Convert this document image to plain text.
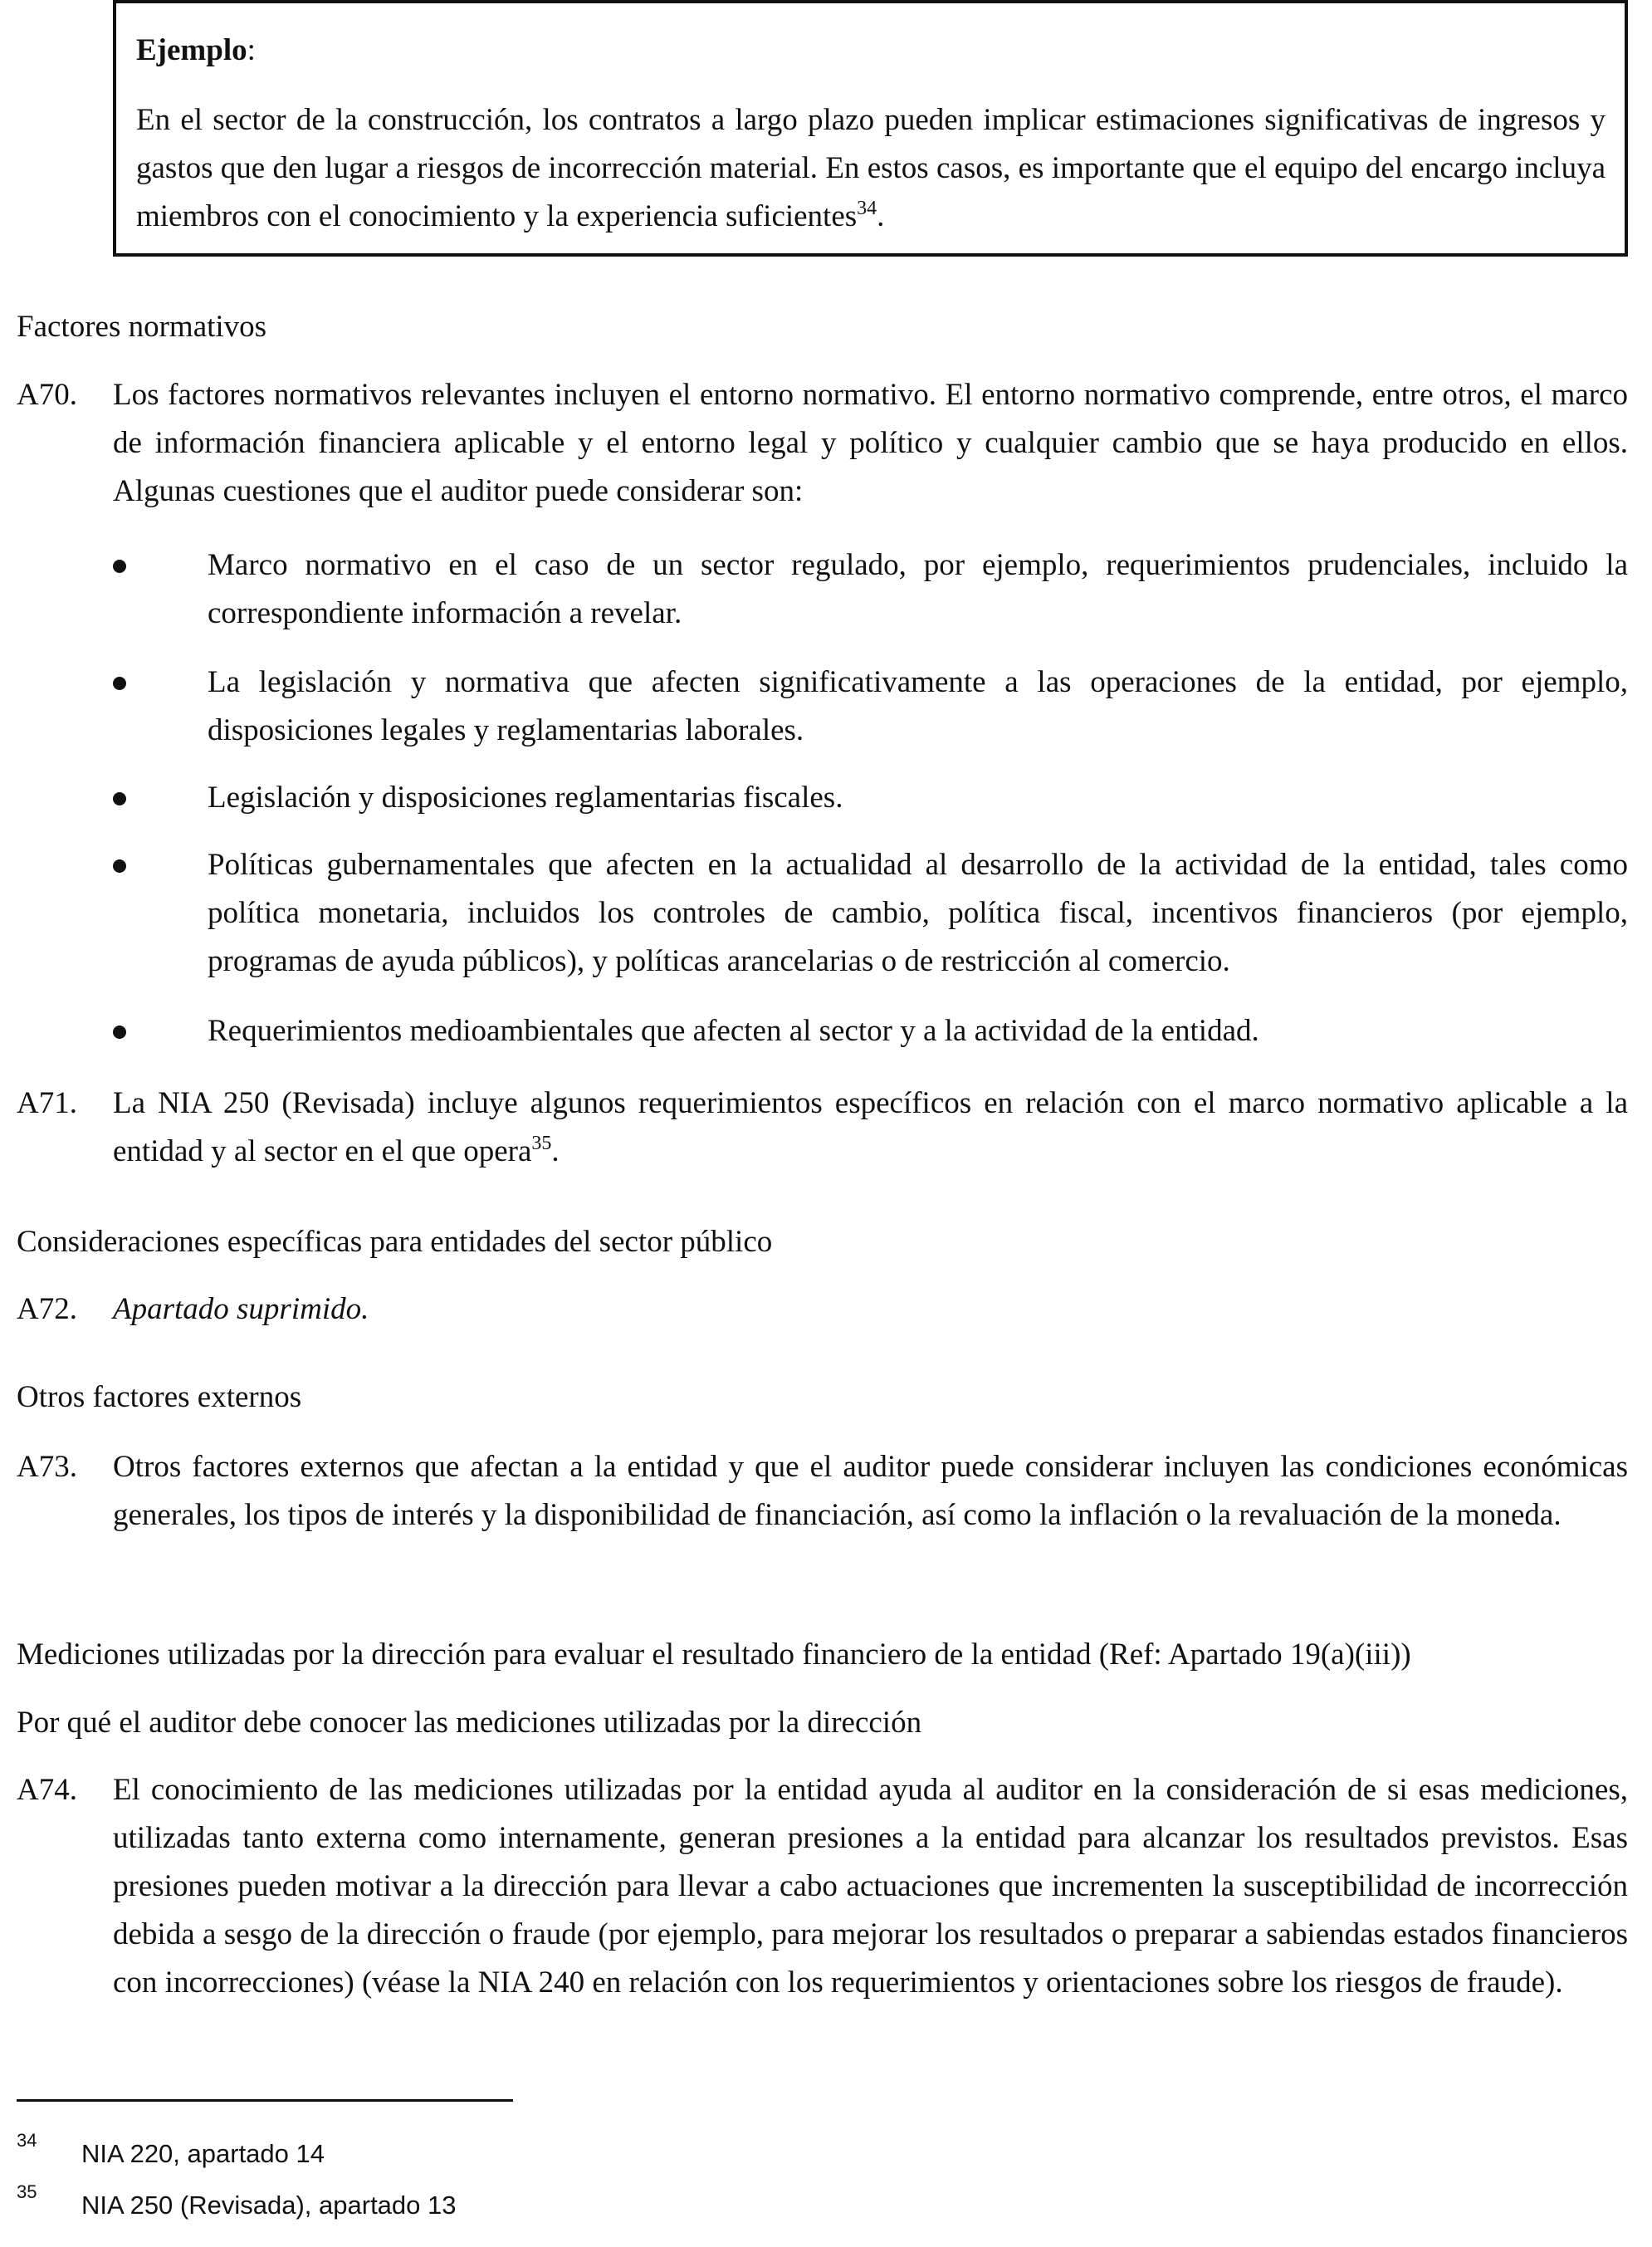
Ejemplo:
En el sector de la construcción, los contratos a largo plazo pueden implicar estimaciones significativas de ingresos y gastos que den lugar a riesgos de incorrección material. En estos casos, es importante que el equipo del encargo incluya miembros con el conocimiento y la experiencia suficientes$^{34}$.
Factores normativos
A70. Los factores normativos relevantes incluyen el entorno normativo. El entorno normativo comprende, entre otros, el marco de información financiera aplicable y el entorno legal y político y cualquier cambio que se haya producido en ellos. Algunas cuestiones que el auditor puede considerar son:
Marco normativo en el caso de un sector regulado, por ejemplo, requerimientos prudenciales, incluido la correspondiente información a revelar.
La legislación y normativa que afecten significativamente a las operaciones de la entidad, por ejemplo, disposiciones legales y reglamentarias laborales.
Legislación y disposiciones reglamentarias fiscales.
Políticas gubernamentales que afecten en la actualidad al desarrollo de la actividad de la entidad, tales como política monetaria, incluidos los controles de cambio, política fiscal, incentivos financieros (por ejemplo, programas de ayuda públicos), y políticas arancelarias o de restricción al comercio.
Requerimientos medioambientales que afecten al sector y a la actividad de la entidad.
A71. La NIA 250 (Revisada) incluye algunos requerimientos específicos en relación con el marco normativo aplicable a la entidad y al sector en el que opera$^{35}$.
Consideraciones específicas para entidades del sector público
A72. Apartado suprimido.
Otros factores externos
A73. Otros factores externos que afectan a la entidad y que el auditor puede considerar incluyen las condiciones económicas generales, los tipos de interés y la disponibilidad de financiación, así como la inflación o la revaluación de la moneda.
Mediciones utilizadas por la dirección para evaluar el resultado financiero de la entidad (Ref: Apartado 19(a)(iii))
Por qué el auditor debe conocer las mediciones utilizadas por la dirección
A74. El conocimiento de las mediciones utilizadas por la entidad ayuda al auditor en la consideración de si esas mediciones, utilizadas tanto externa como internamente, generan presiones a la entidad para alcanzar los resultados previstos. Esas presiones pueden motivar a la dirección para llevar a cabo actuaciones que incrementen la susceptibilidad de incorrección debida a sesgo de la dirección o fraude (por ejemplo, para mejorar los resultados o preparar a sabiendas estados financieros con incorrecciones) (véase la NIA 240 en relación con los requerimientos y orientaciones sobre los riesgos de fraude).
34 NIA 220, apartado 14
35 NIA 250 (Revisada), apartado 13
